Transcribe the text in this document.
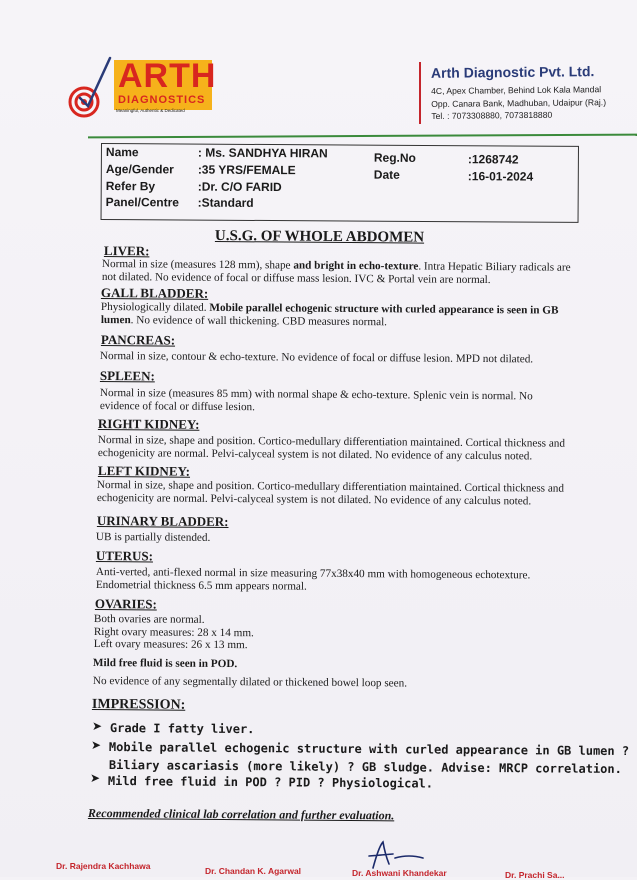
ARTH
DIAGNOSTICS
Meaningful, Authentic & Dedicated
Arth Diagnostic Pvt. Ltd.
4C, Apex Chamber, Behind Lok Kala Mandal
Opp. Canara Bank, Madhuban, Udaipur (Raj.)
Tel. : 7073308880, 7073818880
Name	: Ms. SANDHYA HIRAN
Age/Gender :35 YRS/FEMALE
Refer By	:Dr. C/O FARID
Panel/Centre :Standard
Reg.No	:1268742
Date	:16-01-2024
U.S.G. OF WHOLE ABDOMEN
LIVER:
Normal in size (measures 128 mm), shape and bright in echo-texture. Intra Hepatic Biliary radicals are not dilated. No evidence of focal or diffuse mass lesion. IVC & Portal vein are normal.
GALL BLADDER:
Physiologically dilated. Mobile parallel echogenic structure with curled appearance is seen in GB lumen. No evidence of wall thickening. CBD measures normal.
PANCREAS:
Normal in size, contour & echo-texture. No evidence of focal or diffuse lesion. MPD not dilated.
SPLEEN:
Normal in size (measures 85 mm) with normal shape & echo-texture. Splenic vein is normal. No evidence of focal or diffuse lesion.
RIGHT KIDNEY:
Normal in size, shape and position. Cortico-medullary differentiation maintained. Cortical thickness and echogenicity are normal. Pelvi-calyceal system is not dilated. No evidence of any calculus noted.
LEFT KIDNEY:
Normal in size, shape and position. Cortico-medullary differentiation maintained. Cortical thickness and echogenicity are normal. Pelvi-calyceal system is not dilated. No evidence of any calculus noted.
URINARY BLADDER:
UB is partially distended.
UTERUS:
Anti-verted, anti-flexed normal in size measuring 77x38x40 mm with homogeneous echotexture. Endometrial thickness 6.5 mm appears normal.
OVARIES:
Both ovaries are normal.
Right ovary measures: 28 x 14 mm.
Left ovary measures: 26 x 13 mm.
Mild free fluid is seen in POD.
No evidence of any segmentally dilated or thickened bowel loop seen.
IMPRESSION:
➤ Grade I fatty liver.
➤ Mobile parallel echogenic structure with curled appearance in GB lumen ?
Biliary ascariasis (more likely) ? GB sludge. Advise: MRCP correlation.
➤ Mild free fluid in POD ? PID ? Physiological.
Recommended clinical lab correlation and further evaluation.
Dr. Rajendra Kachhawa	Dr. Chandan K. Agarwal	Dr. Ashwani Khandekar	Dr. Prachi Sa...
